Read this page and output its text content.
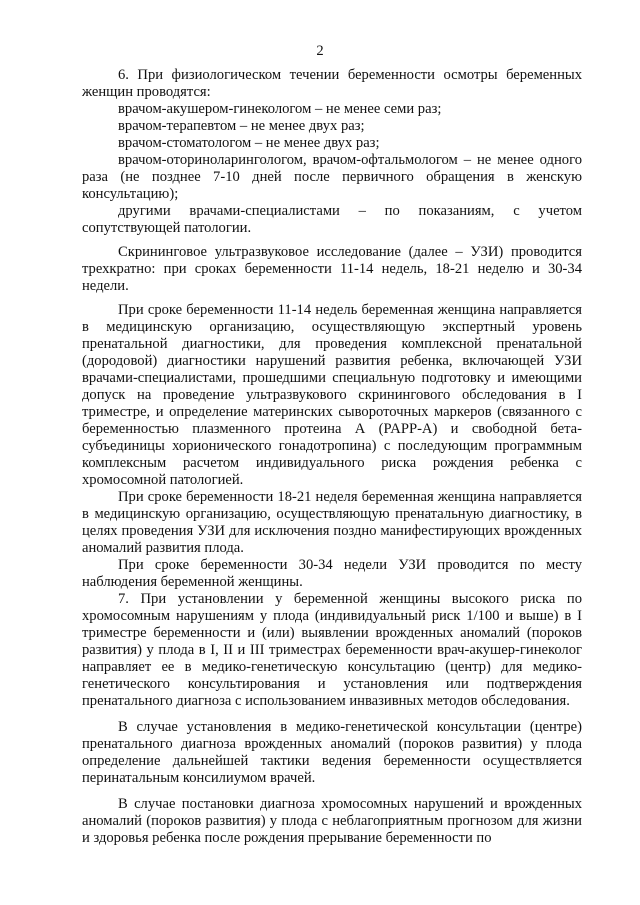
2

6. При физиологическом течении беременности осмотры беременных женщин проводятся:

врачом-акушером-гинекологом – не менее семи раз;

врачом-терапевтом – не менее двух раз;

врачом-стоматологом – не менее двух раз;

врачом-оториноларингологом, врачом-офтальмологом – не менее одного раза (не позднее 7-10 дней после первичного обращения в женскую консультацию);

другими врачами-специалистами – по показаниям, с учетом сопутствующей патологии.

Скрининговое ультразвуковое исследование (далее – УЗИ) проводится трехкратно: при сроках беременности 11-14 недель, 18-21 неделю и 30-34 недели.

При сроке беременности 11-14 недель беременная женщина направляется в медицинскую организацию, осуществляющую экспертный уровень пренатальной диагностики, для проведения комплексной пренатальной (дородовой) диагностики нарушений развития ребенка, включающей УЗИ врачами-специалистами, прошедшими специальную подготовку и имеющими допуск на проведение ультразвукового скринингового обследования в I триместре, и определение материнских сывороточных маркеров (связанного с беременностью плазменного протеина А (PAPP-A) и свободной бета-субъединицы хорионического гонадотропина) с последующим программным комплексным расчетом индивидуального риска рождения ребенка с хромосомной патологией.

При сроке беременности 18-21 неделя беременная женщина направляется в медицинскую организацию, осуществляющую пренатальную диагностику, в целях проведения УЗИ для исключения поздно манифестирующих врожденных аномалий развития плода.

При сроке беременности 30-34 недели УЗИ проводится по месту наблюдения беременной женщины.

7. При установлении у беременной женщины высокого риска по хромосомным нарушениям у плода (индивидуальный риск 1/100 и выше) в I триместре беременности и (или) выявлении врожденных аномалий (пороков развития) у плода в I, II и III триместрах беременности врач-акушер-гинеколог направляет ее в медико-генетическую консультацию (центр) для медико-генетического консультирования и установления или подтверждения пренатального диагноза с использованием инвазивных методов обследования.

В случае установления в медико-генетической консультации (центре) пренатального диагноза врожденных аномалий (пороков развития) у плода определение дальнейшей тактики ведения беременности осуществляется перинатальным консилиумом врачей.

В случае постановки диагноза хромосомных нарушений и врожденных аномалий (пороков развития) у плода с неблагоприятным прогнозом для жизни и здоровья ребенка после рождения прерывание беременности по
